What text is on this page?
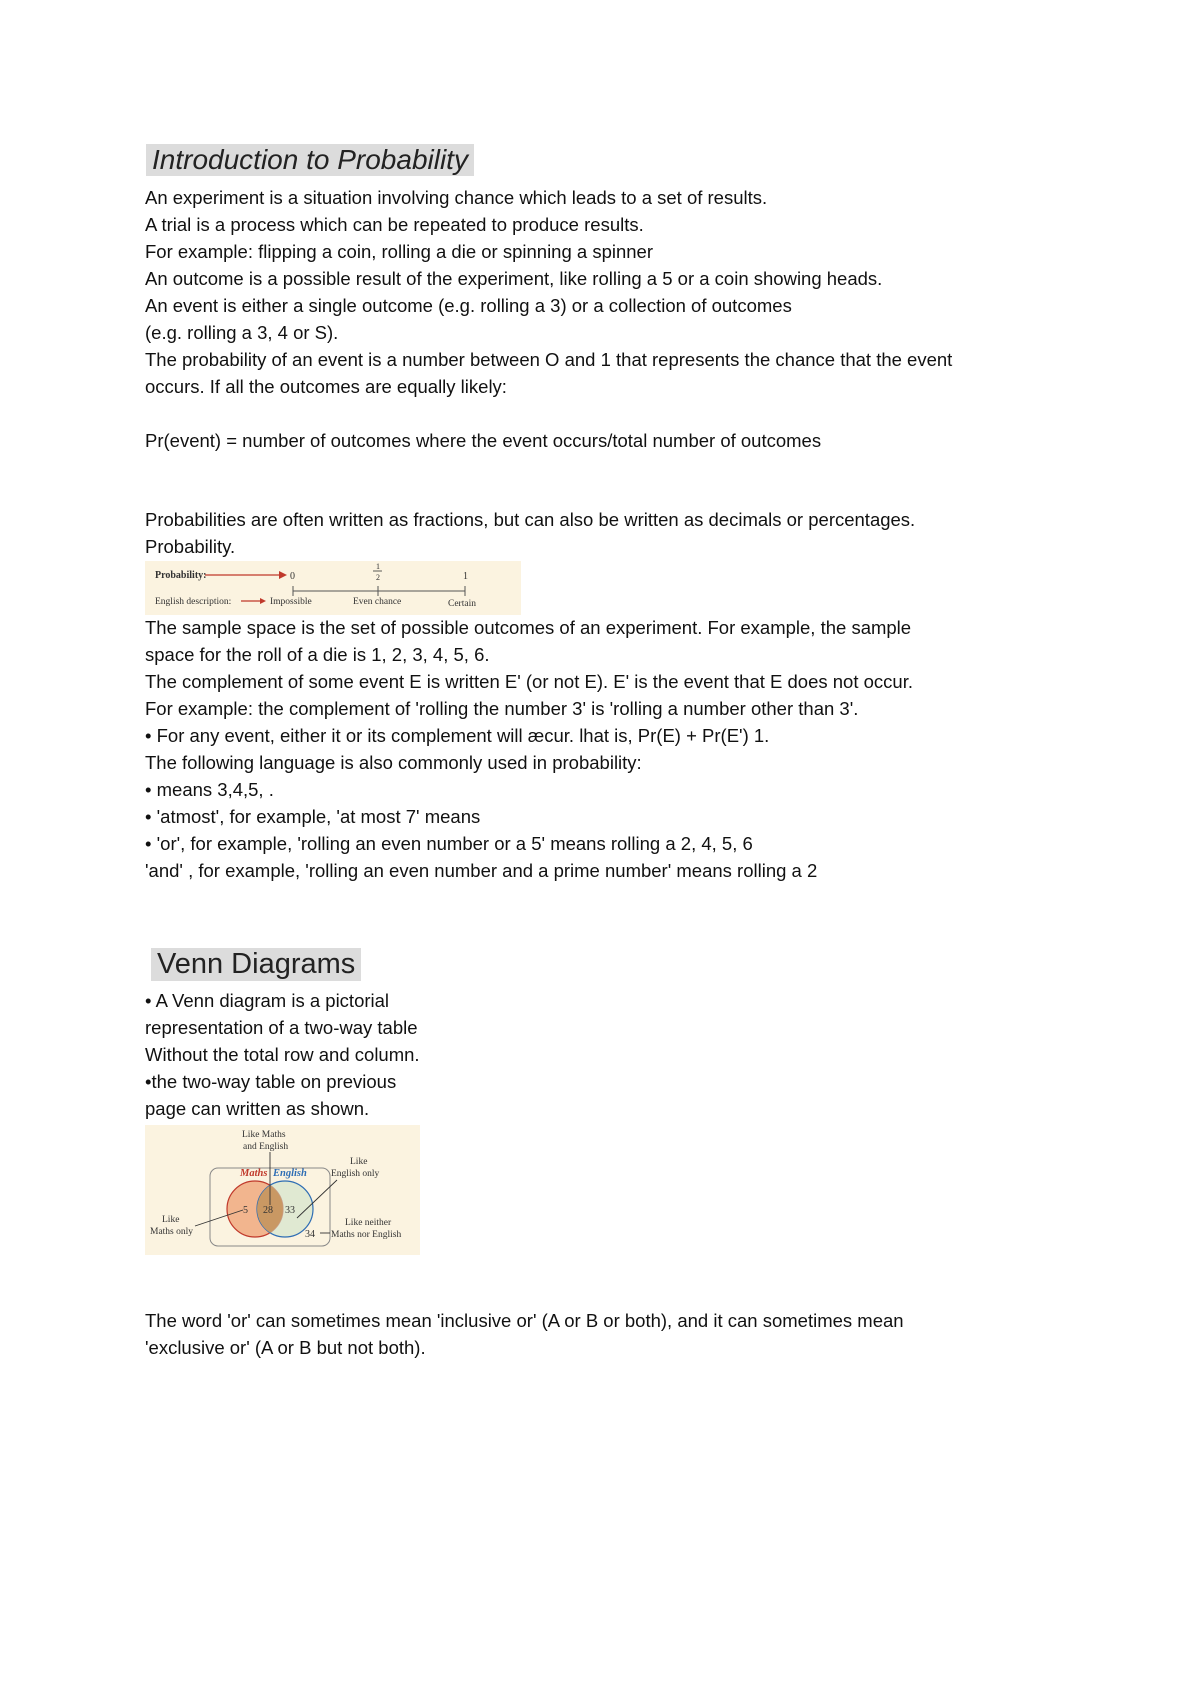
Introduction to Probability
An experiment is a situation involving chance which leads to a set of results.
A trial is a process which can be repeated to produce results.
For example: flipping a coin, rolling a die or spinning a spinner
An outcome is a possible result of the experiment, like rolling a 5 or a coin showing heads.
An event is either a single outcome (e.g. rolling a 3) or a collection of outcomes
(e.g. rolling a 3, 4 or S).
The probability of an event is a number between O and 1 that represents the chance that the event
occurs. If all the outcomes are equally likely:
Pr(event) = number of outcomes where the event occurs/total number of outcomes
Probabilities are often written as fractions, but can also be written as decimals or percentages.
Probability.
Probability:	0
1
2	1
English description:	Impossible	Even chance	Certain
The sample space is the set of possible outcomes of an experiment. For example, the sample
space for the roll of a die is 1, 2, 3, 4, 5, 6.
The complement of some event E is written E' (or not E). E' is the event that E does not occur.
For example: the complement of 'rolling the number 3' is 'rolling a number other than 3'.
• For any event, either it or its complement will æcur. lhat is, Pr(E) + Pr(E') 1.
The following language is also commonly used in probability:
• means 3,4,5, .
• 'atmost', for example, 'at most 7' means
• 'or', for example, 'rolling an even number or a 5' means rolling a 2, 4, 5, 6
'and' , for example, 'rolling an even number and a prime number' means rolling a 2
Venn Diagrams
• A Venn diagram is a pictorial
representation of a two-way table
Without the total row and column.
•the two-way table on previous
page can written as shown.
Maths English
Like Maths
and English
Like
English only
Like
Maths only
Like neither
Maths nor English
5 28 33
34
The word 'or' can sometimes mean 'inclusive or' (A or B or both), and it can sometimes mean
'exclusive or' (A or B but not both).
